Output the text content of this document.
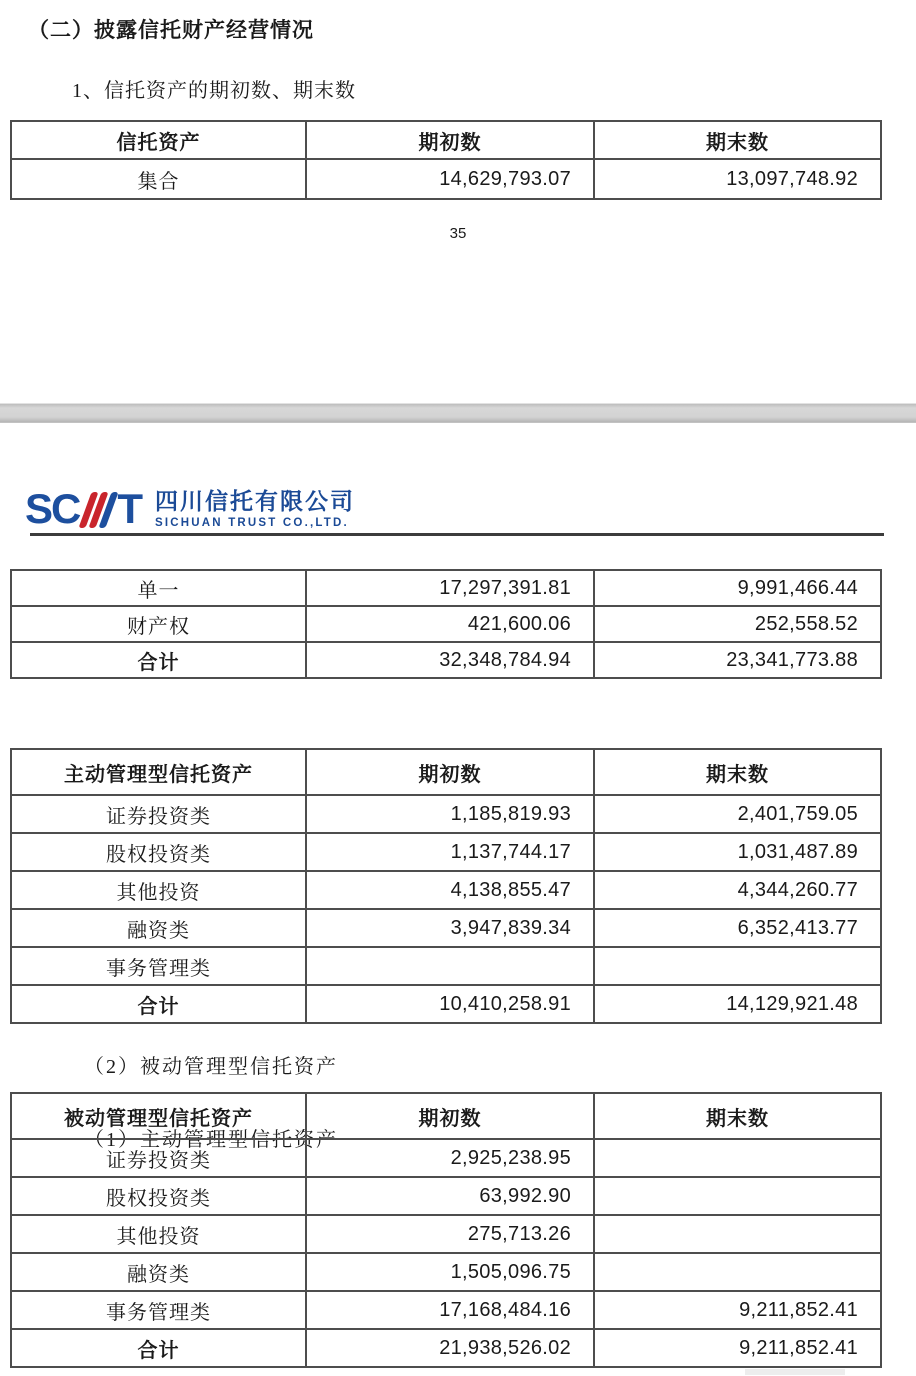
（二）披露信托财产经营情况
1、信托资产的期初数、期末数
信托资产	期初数	期末数
集合	14,629,793.07	13,097,748.92
35
S C T 四川信托有限公司
SICHUAN TRUST CO.,LTD.
单一	17,297,391.81	9,991,466.44
财产权	421,600.06	252,558.52
合计	32,348,784.94	23,341,773.88
（1）主动管理型信托资产
主动管理型信托资产	期初数	期末数
证券投资类	1,185,819.93	2,401,759.05
股权投资类	1,137,744.17	1,031,487.89
其他投资	4,138,855.47	4,344,260.77
融资类	3,947,839.34	6,352,413.77
事务管理类		
合计	10,410,258.91	14,129,921.48
（2）被动管理型信托资产
被动管理型信托资产	期初数	期末数
证券投资类	2,925,238.95	
股权投资类	63,992.90	
其他投资	275,713.26	
融资类	1,505,096.75	
事务管理类	17,168,484.16	9,211,852.41
合计	21,938,526.02	9,211,852.41
